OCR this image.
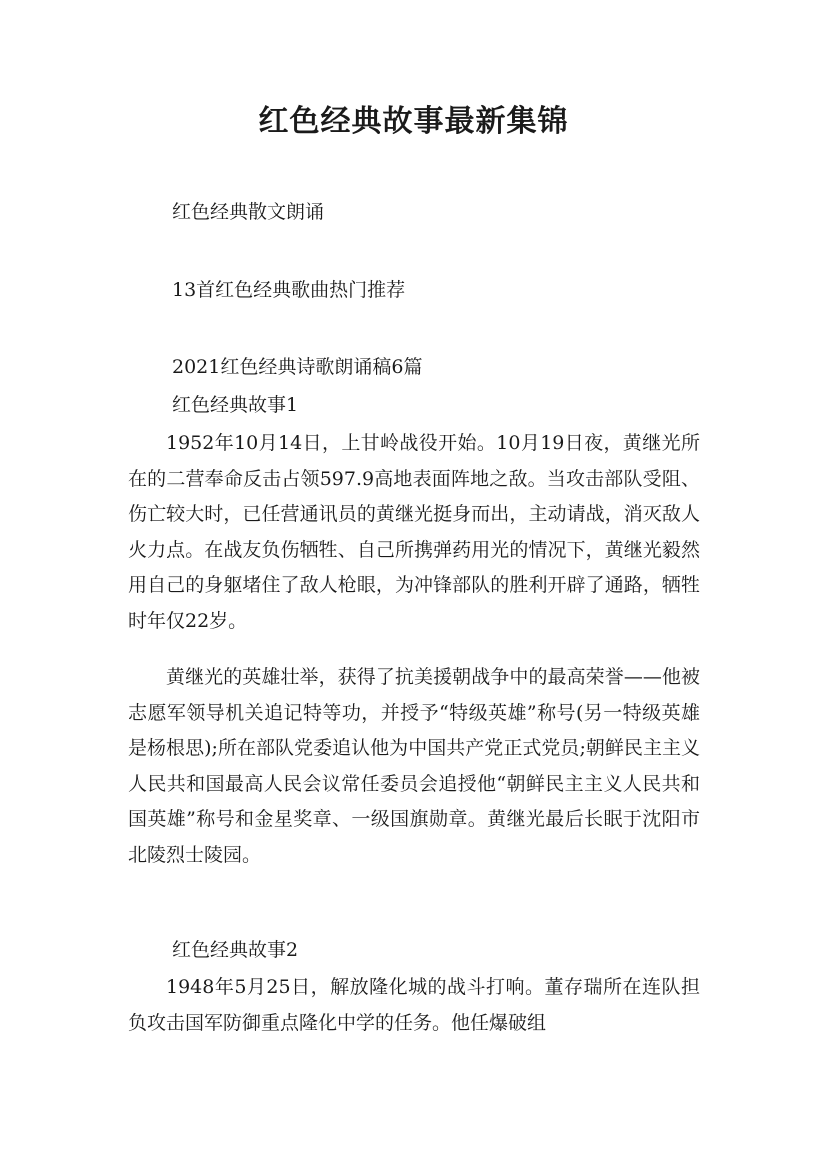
红色经典故事最新集锦

红色经典散文朗诵

13首红色经典歌曲热门推荐

2021红色经典诗歌朗诵稿6篇

红色经典故事1

1952年10月14日，上甘岭战役开始。10月19日夜，黄继光所在的二营奉命反击占领597.9高地表面阵地之敌。当攻击部队受阻、伤亡较大时，已任营通讯员的黄继光挺身而出，主动请战，消灭敌人火力点。在战友负伤牺牲、自己所携弹药用光的情况下，黄继光毅然用自己的身躯堵住了敌人枪眼，为冲锋部队的胜利开辟了通路，牺牲时年仅22岁。

黄继光的英雄壮举，获得了抗美援朝战争中的最高荣誉——他被志愿军领导机关追记特等功，并授予“特级英雄”称号(另一特级英雄是杨根思);所在部队党委追认他为中国共产党正式党员;朝鲜民主主义人民共和国最高人民会议常任委员会追授他“朝鲜民主主义人民共和国英雄”称号和金星奖章、一级国旗勋章。黄继光最后长眠于沈阳市北陵烈士陵园。

红色经典故事2

1948年5月25日，解放隆化城的战斗打响。董存瑞所在连队担负攻击国军防御重点隆化中学的任务。他任爆破组
